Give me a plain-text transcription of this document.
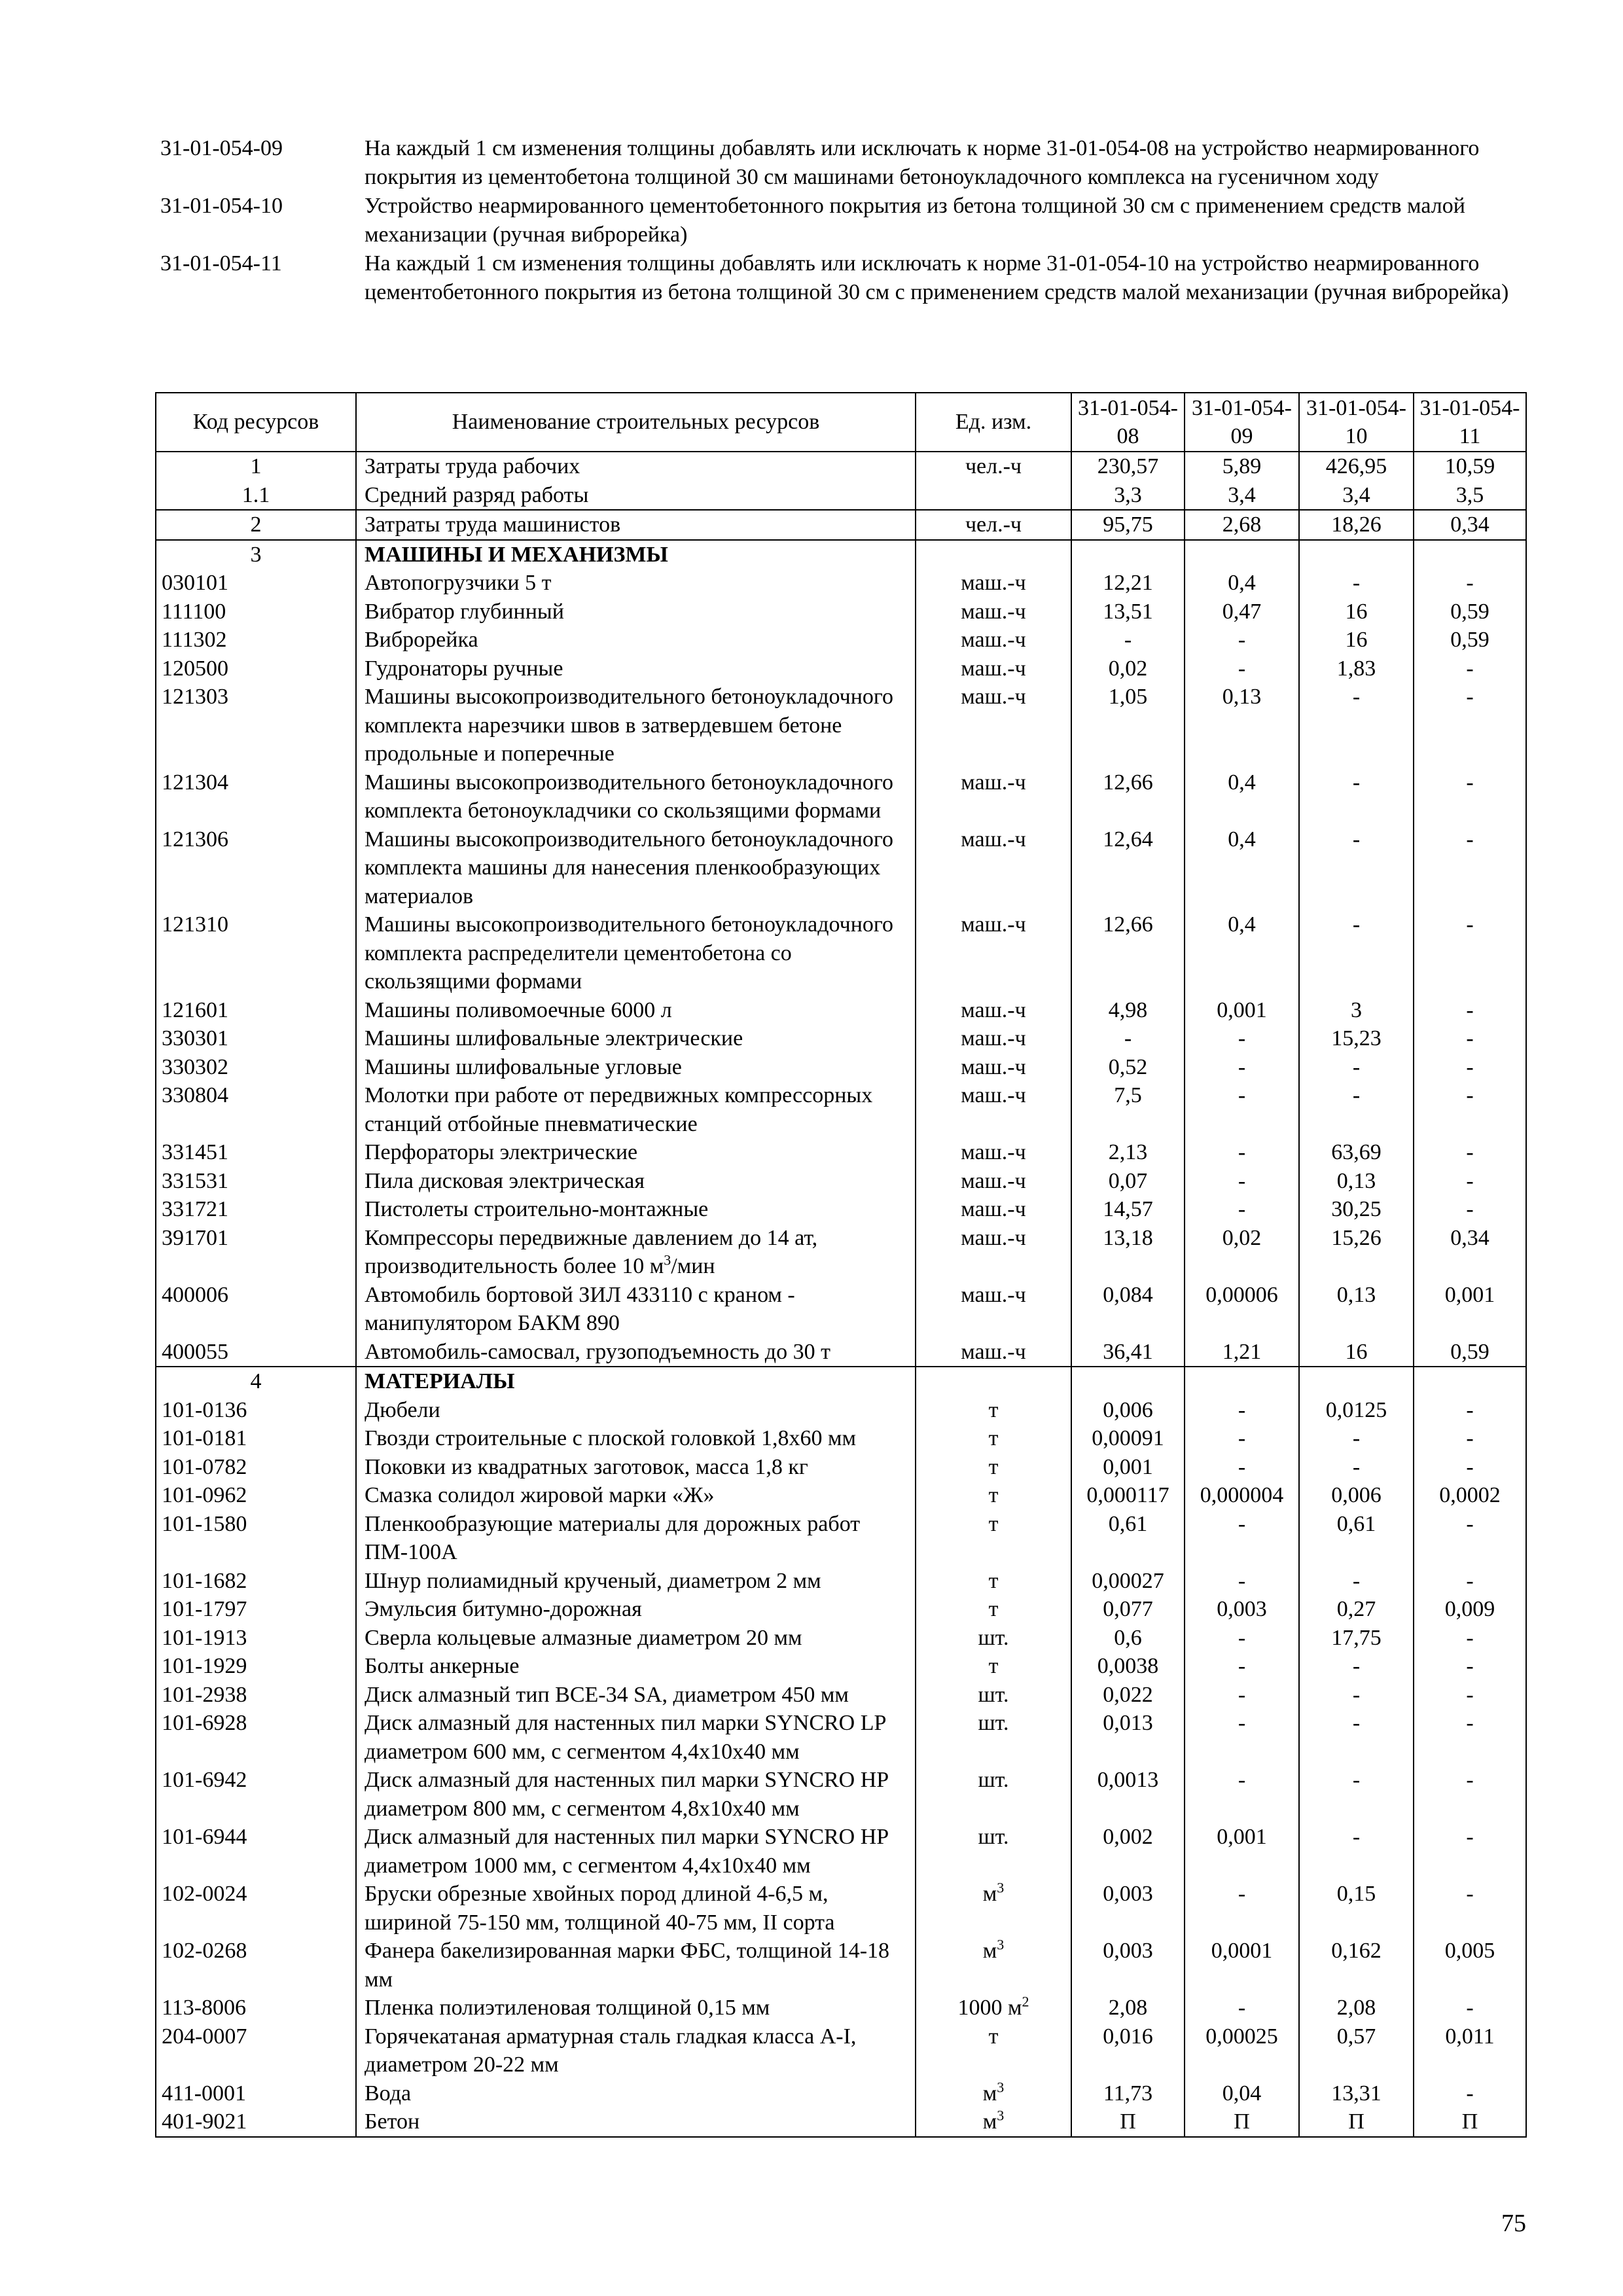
31-01-054-09	На каждый 1 см изменения толщины добавлять или исключать к норме 31-01-054-08 на устройство неармированного покрытия из цементобетона толщиной 30 см машинами бетоноукладочного комплекса на гусеничном ходу
31-01-054-10	Устройство неармированного цементобетонного покрытия из бетона толщиной 30 см с применением средств малой механизации (ручная виброрейка)
31-01-054-11	На каждый 1 см изменения толщины добавлять или исключать к норме 31-01-054-10 на устройство неармированного цементобетонного покрытия из бетона толщиной 30 см с применением средств малой механизации (ручная виброрейка)
Код ресурсов	Наименование строительных ресурсов	Ед. изм.	31-01-054-08	31-01-054-09	31-01-054-10	31-01-054-11
1	Затраты труда рабочих	чел.-ч	230,57	5,89	426,95	10,59
1.1	Средний разряд работы		3,3	3,4	3,4	3,5
2	Затраты труда машинистов	чел.-ч	95,75	2,68	18,26	0,34
3	МАШИНЫ И МЕХАНИЗМЫ					
030101	Автопогрузчики 5 т	маш.-ч	12,21	0,4	-	-
111100	Вибратор глубинный	маш.-ч	13,51	0,47	16	0,59
111302	Виброрейка	маш.-ч	-	-	16	0,59
120500	Гудронаторы ручные	маш.-ч	0,02	-	1,83	-
121303	Машины высокопроизводительного бетоноукладочного комплекта нарезчики швов в затвердевшем бетоне продольные и поперечные	маш.-ч	1,05	0,13	-	-
121304	Машины высокопроизводительного бетоноукладочного комплекта бетоноукладчики со скользящими формами	маш.-ч	12,66	0,4	-	-
121306	Машины высокопроизводительного бетоноукладочного комплекта машины для нанесения пленкообразующих материалов	маш.-ч	12,64	0,4	-	-
121310	Машины высокопроизводительного бетоноукладочного комплекта распределители цементобетона со скользящими формами	маш.-ч	12,66	0,4	-	-
121601	Машины поливомоечные 6000 л	маш.-ч	4,98	0,001	3	-
330301	Машины шлифовальные электрические	маш.-ч	-	-	15,23	-
330302	Машины шлифовальные угловые	маш.-ч	0,52	-	-	-
330804	Молотки при работе от передвижных компрессорных станций отбойные пневматические	маш.-ч	7,5	-	-	-
331451	Перфораторы электрические	маш.-ч	2,13	-	63,69	-
331531	Пила дисковая электрическая	маш.-ч	0,07	-	0,13	-
331721	Пистолеты строительно-монтажные	маш.-ч	14,57	-	30,25	-
391701	Компрессоры передвижные давлением до 14 ат, производительность более 10 $м^3$/мин	маш.-ч	13,18	0,02	15,26	0,34
400006	Автомобиль бортовой ЗИЛ 433110 с краном - манипулятором БАКМ 890	маш.-ч	0,084	0,00006	0,13	0,001
400055	Автомобиль-самосвал, грузоподъемность до 30 т	маш.-ч	36,41	1,21	16	0,59
4	МАТЕРИАЛЫ					
101-0136	Дюбели	т	0,006	-	0,0125	-
101-0181	Гвозди строительные с плоской головкой 1,8х60 мм	т	0,00091	-	-	-
101-0782	Поковки из квадратных заготовок, масса 1,8 кг	т	0,001	-	-	-
101-0962	Смазка солидол жировой марки «Ж»	т	0,000117	0,000004	0,006	0,0002
101-1580	Пленкообразующие материалы для дорожных работ ПМ-100А	т	0,61	-	0,61	-
101-1682	Шнур полиамидный крученый, диаметром 2 мм	т	0,00027	-	-	-
101-1797	Эмульсия битумно-дорожная	т	0,077	0,003	0,27	0,009
101-1913	Сверла кольцевые алмазные диаметром 20 мм	шт.	0,6	-	17,75	-
101-1929	Болты анкерные	т	0,0038	-	-	-
101-2938	Диск алмазный тип ВСЕ-34 SA, диаметром 450 мм	шт.	0,022	-	-	-
101-6928	Диск алмазный для настенных пил марки SYNCRO LP диаметром 600 мм, с сегментом 4,4х10х40 мм	шт.	0,013	-	-	-
101-6942	Диск алмазный для настенных пил марки SYNCRO HP диаметром 800 мм, с сегментом 4,8х10х40 мм	шт.	0,0013	-	-	-
101-6944	Диск алмазный для настенных пил марки SYNCRO HP диаметром 1000 мм, с сегментом 4,4х10х40 мм	шт.	0,002	0,001	-	-
102-0024	Бруски обрезные хвойных пород длиной 4-6,5 м, шириной 75-150 мм, толщиной 40-75 мм, II сорта	$м^3$	0,003	-	0,15	-
102-0268	Фанера бакелизированная марки ФБС, толщиной 14-18 мм	$м^3$	0,003	0,0001	0,162	0,005
113-8006	Пленка полиэтиленовая толщиной 0,15 мм	1000 $м^2$	2,08	-	2,08	-
204-0007	Горячекатаная арматурная сталь гладкая класса А-I, диаметром 20-22 мм	т	0,016	0,00025	0,57	0,011
411-0001	Вода	$м^3$	11,73	0,04	13,31	-
401-9021	Бетон	$м^3$	П	П	П	П
75
